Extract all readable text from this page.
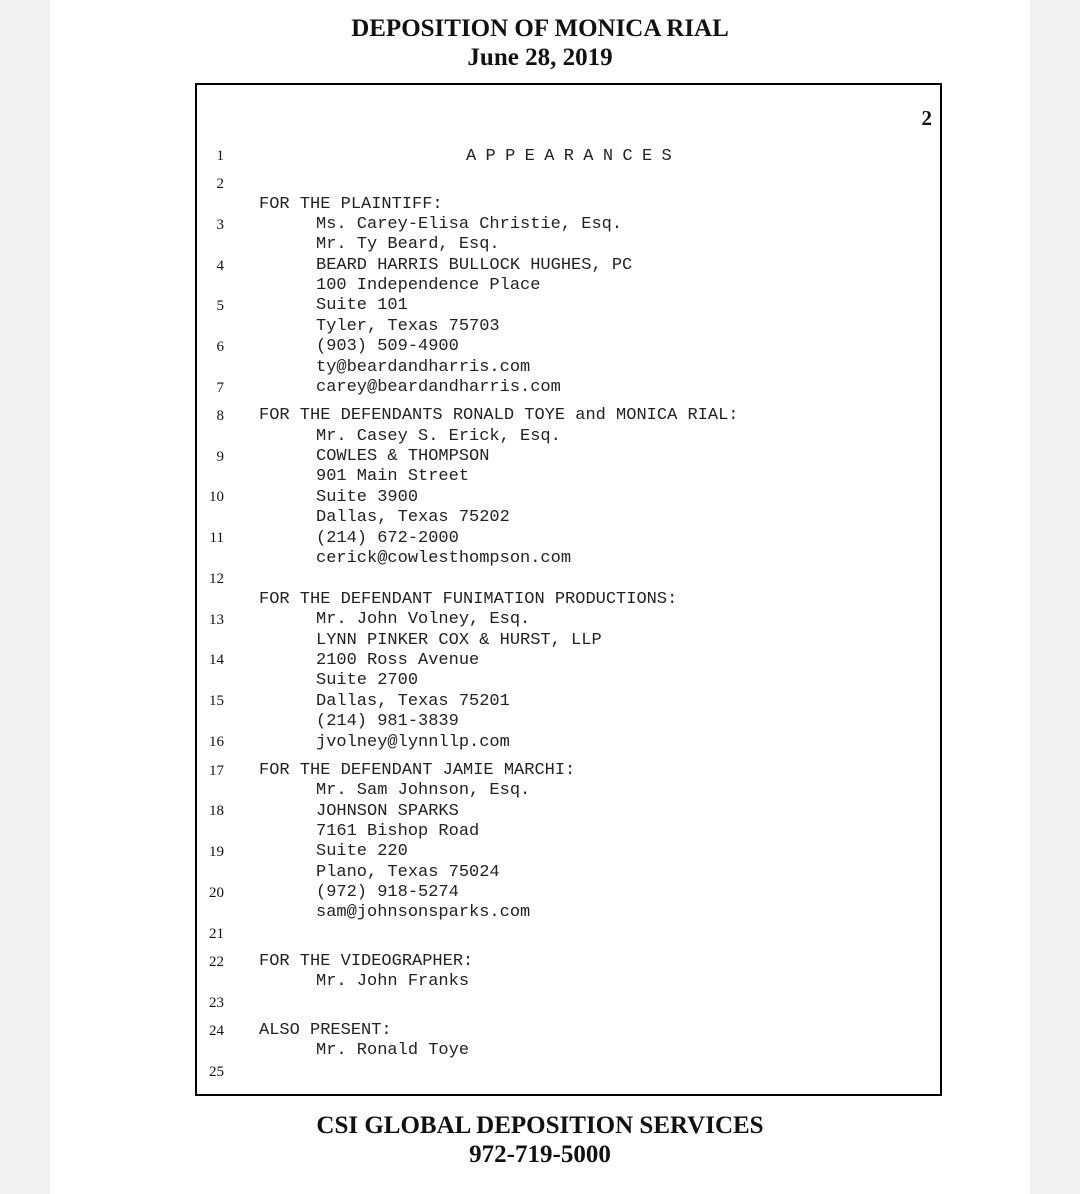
DEPOSITION OF MONICA RIAL
June 28, 2019
2
1
2
3
4
5
6
7
8
9
10
11
12
13
14
15
16
17
18
19
20
21
22
23
24
25
APPEARANCES
FOR THE PLAINTIFF:
Ms. Carey-Elisa Christie, Esq.
Mr. Ty Beard, Esq.
BEARD HARRIS BULLOCK HUGHES, PC
100 Independence Place
Suite 101
Tyler, Texas 75703
(903) 509-4900
ty@beardandharris.com
carey@beardandharris.com
FOR THE DEFENDANTS RONALD TOYE and MONICA RIAL:
Mr. Casey S. Erick, Esq.
COWLES & THOMPSON
901 Main Street
Suite 3900
Dallas, Texas 75202
(214) 672-2000
cerick@cowlesthompson.com
FOR THE DEFENDANT FUNIMATION PRODUCTIONS:
Mr. John Volney, Esq.
LYNN PINKER COX & HURST, LLP
2100 Ross Avenue
Suite 2700
Dallas, Texas 75201
(214) 981-3839
jvolney@lynnllp.com
FOR THE DEFENDANT JAMIE MARCHI:
Mr. Sam Johnson, Esq.
JOHNSON SPARKS
7161 Bishop Road
Suite 220
Plano, Texas 75024
(972) 918-5274
sam@johnsonsparks.com
FOR THE VIDEOGRAPHER:
Mr. John Franks
ALSO PRESENT:
Mr. Ronald Toye
CSI GLOBAL DEPOSITION SERVICES
972-719-5000
